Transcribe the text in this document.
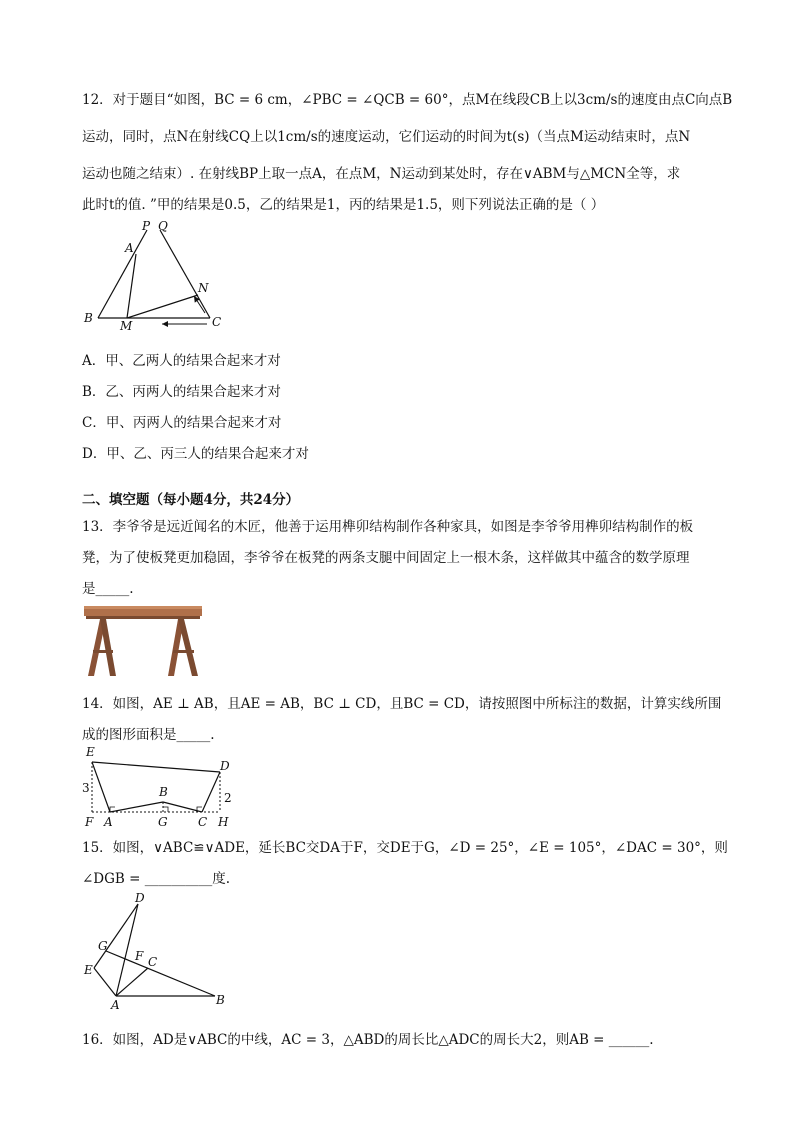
12．对于题目“如图，BC = 6 cm，∠PBC = ∠QCB = 60°，点M在线段CB上以3cm/s的速度由点C向点B
运动，同时，点N在射线CQ上以1cm/s的速度运动，它们运动的时间为t(s)（当点M运动结束时，点N
运动也随之结束）. 在射线BP上取一点A，在点M，N运动到某处时，存在∨ABM与△MCN全等，求
此时t的值. ”甲的结果是0.5，乙的结果是1，丙的结果是1.5，则下列说法正确的是（ ）
P Q
A
N
B
M	C
A．甲、乙两人的结果合起来才对
B．乙、丙两人的结果合起来才对
C．甲、丙两人的结果合起来才对
D．甲、乙、丙三人的结果合起来才对
二、填空题（每小题4分，共24分）
13．李爷爷是远近闻名的木匠，他善于运用榫卯结构制作各种家具，如图是李爷爷用榫卯结构制作的板
凳，为了使板凳更加稳固，李爷爷在板凳的两条支腿中间固定上一根木条，这样做其中蕴含的数学原理
是_____.
14．如图，AE ⊥ AB，且AE = AB，BC ⊥ CD，且BC = CD，请按照图中所标注的数据，计算实线所围
成的图形面积是_____.
E
D
3
2
B
F A	G	C H
15．如图，∨ABC≌∨ADE，延长BC交DA于F，交DE于G，∠D = 25°，∠E = 105°，∠DAC = 30°，则
∠DGB = __________度.
D
G
F C
E
A	B
16．如图，AD是∨ABC的中线，AC = 3，△ABD的周长比△ADC的周长大2，则AB = ______.
